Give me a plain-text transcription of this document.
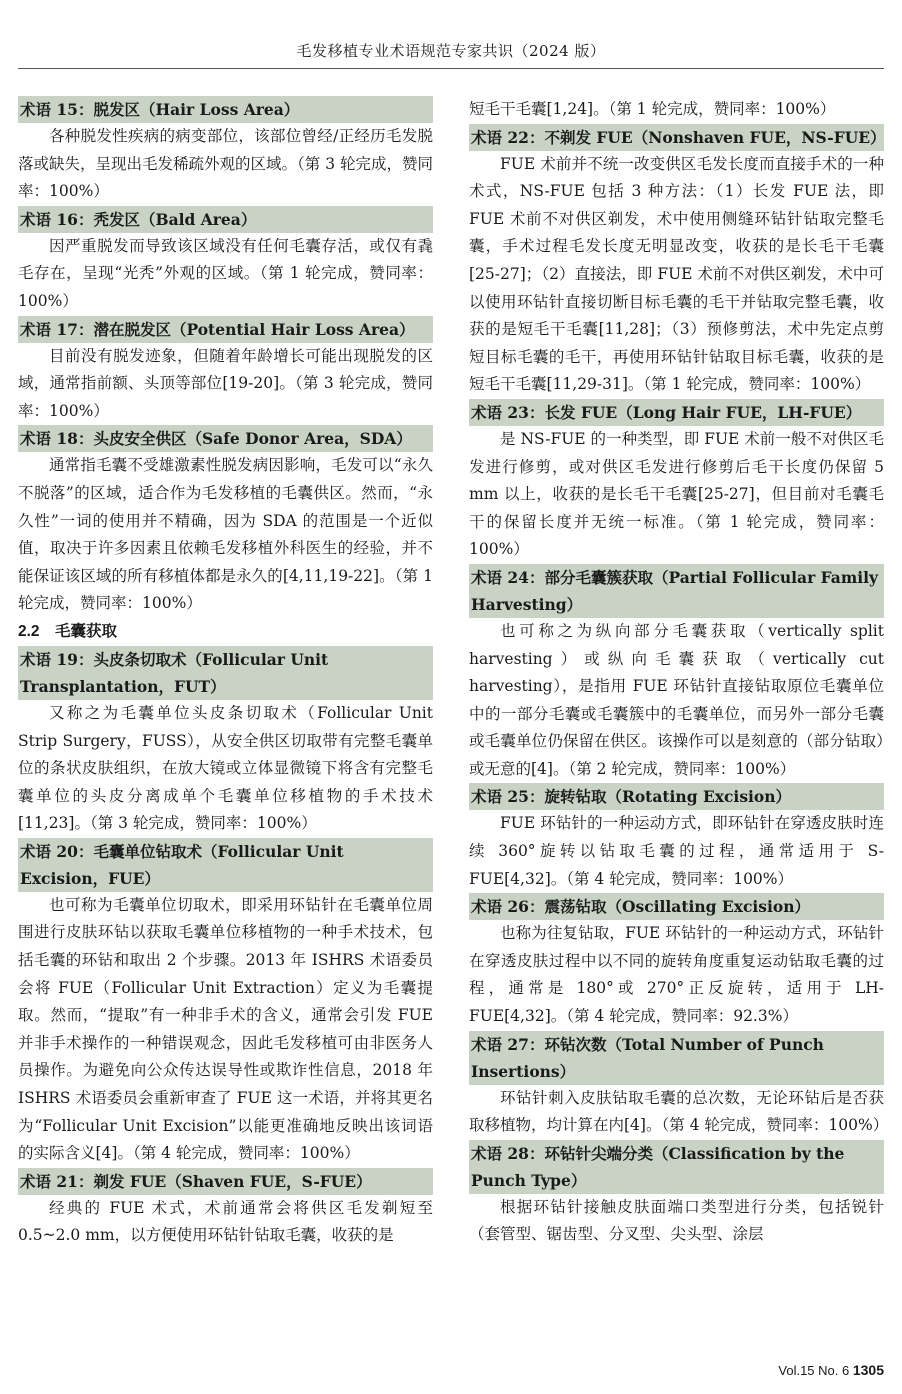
毛发移植专业术语规范专家共识（2024 版）
术语 15：脱发区（Hair Loss Area）
各种脱发性疾病的病变部位，该部位曾经/正经历毛发脱落或缺失，呈现出毛发稀疏外观的区域。（第 3 轮完成，赞同率：100%）
术语 16：秃发区（Bald Area）
因严重脱发而导致该区域没有任何毛囊存活，或仅有毳毛存在，呈现“光秃”外观的区域。（第 1 轮完成，赞同率：100%）
术语 17：潜在脱发区（Potential Hair Loss Area）
目前没有脱发迹象，但随着年龄增长可能出现脱发的区域，通常指前额、头顶等部位[19-20]。（第 3 轮完成，赞同率：100%）
术语 18：头皮安全供区（Safe Donor Area，SDA）
通常指毛囊不受雄激素性脱发病因影响，毛发可以“永久不脱落”的区域，适合作为毛发移植的毛囊供区。然而，“永久性”一词的使用并不精确，因为 SDA 的范围是一个近似值，取决于许多因素且依赖毛发移植外科医生的经验，并不能保证该区域的所有移植体都是永久的[4,11,19-22]。（第 1 轮完成，赞同率：100%）
2.2　毛囊获取
术语 19：头皮条切取术（Follicular Unit Transplantation，FUT）
又称之为毛囊单位头皮条切取术（Follicular Unit Strip Surgery，FUSS），从安全供区切取带有完整毛囊单位的条状皮肤组织，在放大镜或立体显微镜下将含有完整毛囊单位的头皮分离成单个毛囊单位移植物的手术技术[11,23]。（第 3 轮完成，赞同率：100%）
术语 20：毛囊单位钻取术（Follicular Unit Excision，FUE）
也可称为毛囊单位切取术，即采用环钻针在毛囊单位周围进行皮肤环钻以获取毛囊单位移植物的一种手术技术，包括毛囊的环钻和取出 2 个步骤。2013 年 ISHRS 术语委员会将 FUE（Follicular Unit Extraction）定义为毛囊提取。然而，“提取”有一种非手术的含义，通常会引发 FUE 并非手术操作的一种错误观念，因此毛发移植可由非医务人员操作。为避免向公众传达误导性或欺诈性信息，2018 年 ISHRS 术语委员会重新审查了 FUE 这一术语，并将其更名为“Follicular Unit Excision”以能更准确地反映出该词语的实际含义[4]。（第 4 轮完成，赞同率：100%）
术语 21：剃发 FUE（Shaven FUE，S-FUE）
经典的 FUE 术式，术前通常会将供区毛发剃短至 0.5~2.0 mm，以方便使用环钻针钻取毛囊，收获的是
短毛干毛囊[1,24]。（第 1 轮完成，赞同率：100%）
术语 22：不剃发 FUE（Nonshaven FUE，NS-FUE）
FUE 术前并不统一改变供区毛发长度而直接手术的一种术式，NS-FUE 包括 3 种方法：（1）长发 FUE 法，即 FUE 术前不对供区剃发，术中使用侧缝环钻针钻取完整毛囊，手术过程毛发长度无明显改变，收获的是长毛干毛囊[25-27]；（2）直接法，即 FUE 术前不对供区剃发，术中可以使用环钻针直接切断目标毛囊的毛干并钻取完整毛囊，收获的是短毛干毛囊[11,28]；（3）预修剪法，术中先定点剪短目标毛囊的毛干，再使用环钻针钻取目标毛囊，收获的是短毛干毛囊[11,29-31]。（第 1 轮完成，赞同率：100%）
术语 23：长发 FUE（Long Hair FUE，LH-FUE）
是 NS-FUE 的一种类型，即 FUE 术前一般不对供区毛发进行修剪，或对供区毛发进行修剪后毛干长度仍保留 5 mm 以上，收获的是长毛干毛囊[25-27]，但目前对毛囊毛干的保留长度并无统一标准。（第 1 轮完成，赞同率：100%）
术语 24：部分毛囊簇获取（Partial Follicular Family Harvesting）
也可称之为纵向部分毛囊获取（vertically split harvesting）或纵向毛囊获取（vertically cut harvesting），是指用 FUE 环钻针直接钻取原位毛囊单位中的一部分毛囊或毛囊簇中的毛囊单位，而另外一部分毛囊或毛囊单位仍保留在供区。该操作可以是刻意的（部分钻取）或无意的[4]。（第 2 轮完成，赞同率：100%）
术语 25：旋转钻取（Rotating Excision）
FUE 环钻针的一种运动方式，即环钻针在穿透皮肤时连续 360°旋转以钻取毛囊的过程，通常适用于 S-FUE[4,32]。（第 4 轮完成，赞同率：100%）
术语 26：震荡钻取（Oscillating Excision）
也称为往复钻取，FUE 环钻针的一种运动方式，环钻针在穿透皮肤过程中以不同的旋转角度重复运动钻取毛囊的过程，通常是 180°或 270°正反旋转，适用于 LH-FUE[4,32]。（第 4 轮完成，赞同率：92.3%）
术语 27：环钻次数（Total Number of Punch Insertions）
环钻针刺入皮肤钻取毛囊的总次数，无论环钻后是否获取移植物，均计算在内[4]。（第 4 轮完成，赞同率：100%）
术语 28：环钻针尖端分类（Classification by the Punch Type）
根据环钻针接触皮肤面端口类型进行分类，包括锐针（套管型、锯齿型、分叉型、尖头型、涂层
Vol.15 No. 6 1305
